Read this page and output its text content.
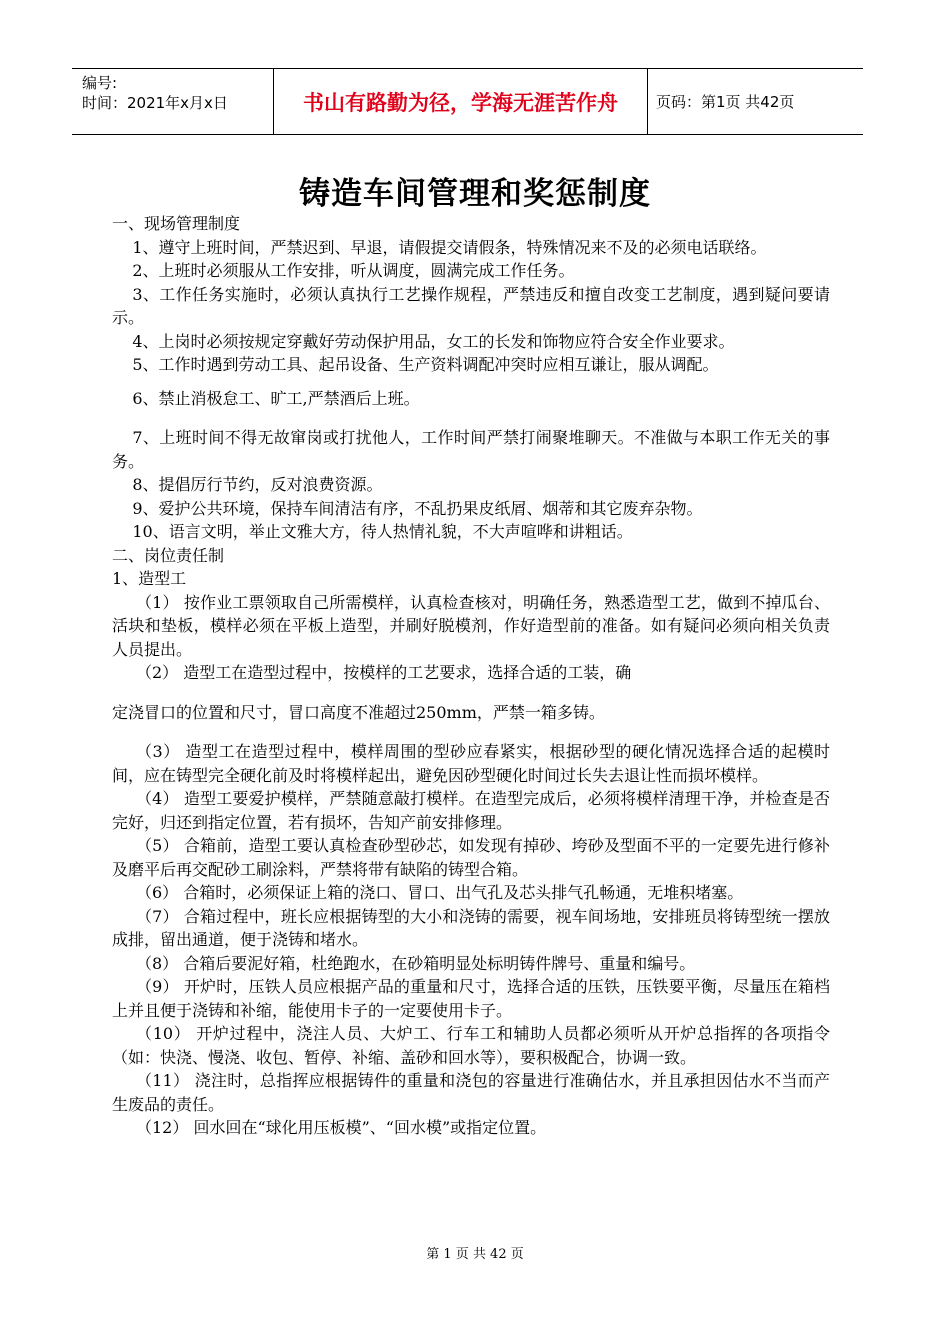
编号:
时间：2021年x月x日	书山有路勤为径，学海无涯苦作舟	页码：第1页 共42页
铸造车间管理和奖惩制度

一、现场管理制度

1、遵守上班时间，严禁迟到、早退，请假提交请假条，特殊情况来不及的必须电话联络。

2、上班时必须服从工作安排，听从调度，圆满完成工作任务。

3、工作任务实施时，必须认真执行工艺操作规程，严禁违反和擅自改变工艺制度，遇到疑问要请示。

4、上岗时必须按规定穿戴好劳动保护用品，女工的长发和饰物应符合安全作业要求。

5、工作时遇到劳动工具、起吊设备、生产资料调配冲突时应相互谦让，服从调配。

6、禁止消极怠工、旷工,严禁酒后上班。

7、上班时间不得无故窜岗或打扰他人，工作时间严禁打闹聚堆聊天。不准做与本职工作无关的事务。

8、提倡厉行节约，反对浪费资源。

9、爱护公共环境，保持车间清洁有序，不乱扔果皮纸屑、烟蒂和其它废弃杂物。

10、语言文明，举止文雅大方，待人热情礼貌，不大声喧哗和讲粗话。

二、岗位责任制

1、造型工

（1） 按作业工票领取自己所需模样，认真检查核对，明确任务，熟悉造型工艺，做到不掉瓜台、活块和垫板，模样必须在平板上造型，并刷好脱模剂，作好造型前的准备。如有疑问必须向相关负责人员提出。

（2） 造型工在造型过程中，按模样的工艺要求，选择合适的工装，确

定浇冒口的位置和尺寸，冒口高度不准超过250mm，严禁一箱多铸。

（3） 造型工在造型过程中，模样周围的型砂应春紧实，根据砂型的硬化情况选择合适的起模时间，应在铸型完全硬化前及时将模样起出，避免因砂型硬化时间过长失去退让性而损坏模样。

（4） 造型工要爱护模样，严禁随意敲打模样。在造型完成后，必须将模样清理干净，并检查是否完好，归还到指定位置，若有损坏，告知产前安排修理。

（5） 合箱前，造型工要认真检查砂型砂芯，如发现有掉砂、垮砂及型面不平的一定要先进行修补及磨平后再交配砂工刷涂料，严禁将带有缺陷的铸型合箱。

（6） 合箱时，必须保证上箱的浇口、冒口、出气孔及芯头排气孔畅通，无堆积堵塞。

（7） 合箱过程中，班长应根据铸型的大小和浇铸的需要，视车间场地，安排班员将铸型统一摆放成排，留出通道，便于浇铸和堵水。

（8） 合箱后要泥好箱，杜绝跑水，在砂箱明显处标明铸件牌号、重量和编号。

（9） 开炉时，压铁人员应根据产品的重量和尺寸，选择合适的压铁，压铁要平衡，尽量压在箱档上并且便于浇铸和补缩，能使用卡子的一定要使用卡子。

（10） 开炉过程中，浇注人员、大炉工、行车工和辅助人员都必须听从开炉总指挥的各项指令（如：快浇、慢浇、收包、暂停、补缩、盖砂和回水等），要积极配合，协调一致。

（11） 浇注时，总指挥应根据铸件的重量和浇包的容量进行准确估水，并且承担因估水不当而产生废品的责任。

（12） 回水回在“球化用压板模”、“回水模”或指定位置。

第 1 页 共 42 页
